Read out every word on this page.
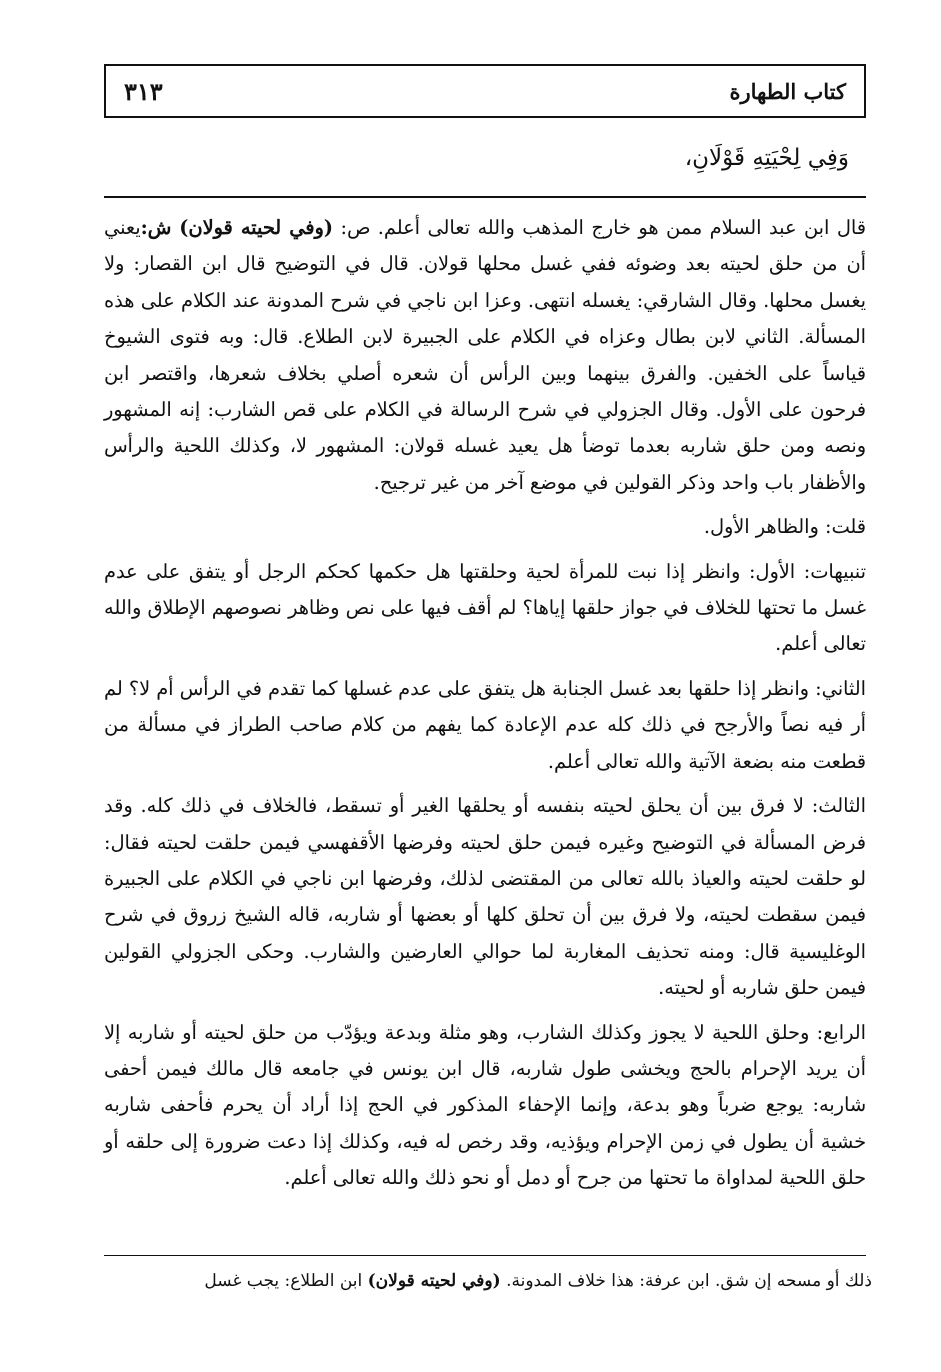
كتاب الطهارة
٣١٣
وَفِي لِحْيَتِهِ قَوْلَانِ،

قال ابن عبد السلام ممن هو خارج المذهب والله تعالى أعلم. ص: (وفي لحيته قولان) ش:يعني أن من حلق لحيته بعد وضوئه ففي غسل محلها قولان. قال في التوضيح قال ابن القصار: ولا يغسل محلها. وقال الشارقي: يغسله انتهى. وعزا ابن ناجي في شرح المدونة عند الكلام على هذه المسألة. الثاني لابن بطال وعزاه في الكلام على الجبيرة لابن الطلاع. قال: وبه فتوى الشيوخ قياساً على الخفين. والفرق بينهما وبين الرأس أن شعره أصلي بخلاف شعرها، واقتصر ابن فرحون على الأول. وقال الجزولي في شرح الرسالة في الكلام على قص الشارب: إنه المشهور ونصه ومن حلق شاربه بعدما توضأ هل يعيد غسله قولان: المشهور لا، وكذلك اللحية والرأس والأظفار باب واحد وذكر القولين في موضع آخر من غير ترجيح.

قلت: والظاهر الأول.

تنبيهات: الأول: وانظر إذا نبت للمرأة لحية وحلقتها هل حكمها كحكم الرجل أو يتفق على عدم غسل ما تحتها للخلاف في جواز حلقها إياها؟ لم أقف فيها على نص وظاهر نصوصهم الإطلاق والله تعالى أعلم.

الثاني: وانظر إذا حلقها بعد غسل الجنابة هل يتفق على عدم غسلها كما تقدم في الرأس أم لا؟ لم أر فيه نصاً والأرجح في ذلك كله عدم الإعادة كما يفهم من كلام صاحب الطراز في مسألة من قطعت منه بضعة الآتية والله تعالى أعلم.

الثالث: لا فرق بين أن يحلق لحيته بنفسه أو يحلقها الغير أو تسقط، فالخلاف في ذلك كله. وقد فرض المسألة في التوضيح وغيره فيمن حلق لحيته وفرضها الأقفهسي فيمن حلقت لحيته فقال: لو حلقت لحيته والعياذ بالله تعالى من المقتضى لذلك، وفرضها ابن ناجي في الكلام على الجبيرة فيمن سقطت لحيته، ولا فرق بين أن تحلق كلها أو بعضها أو شاربه، قاله الشيخ زروق في شرح الوغليسية قال: ومنه تحذيف المغاربة لما حوالي العارضين والشارب. وحكى الجزولي القولين فيمن حلق شاربه أو لحيته.

الرابع: وحلق اللحية لا يجوز وكذلك الشارب، وهو مثلة وبدعة ويؤدّب من حلق لحيته أو شاربه إلا أن يريد الإحرام بالحج ويخشى طول شاربه، قال ابن يونس في جامعه قال مالك فيمن أحفى شاربه: يوجع ضرباً وهو بدعة، وإنما الإحفاء المذكور في الحج إذا أراد أن يحرم فأحفى شاربه خشية أن يطول في زمن الإحرام ويؤذيه، وقد رخص له فيه، وكذلك إذا دعت ضرورة إلى حلقه أو حلق اللحية لمداواة ما تحتها من جرح أو دمل أو نحو ذلك والله تعالى أعلم.

ذلك أو مسحه إن شق. ابن عرفة: هذا خلاف المدونة. (وفي لحيته قولان) ابن الطلاع: يجب غسل
